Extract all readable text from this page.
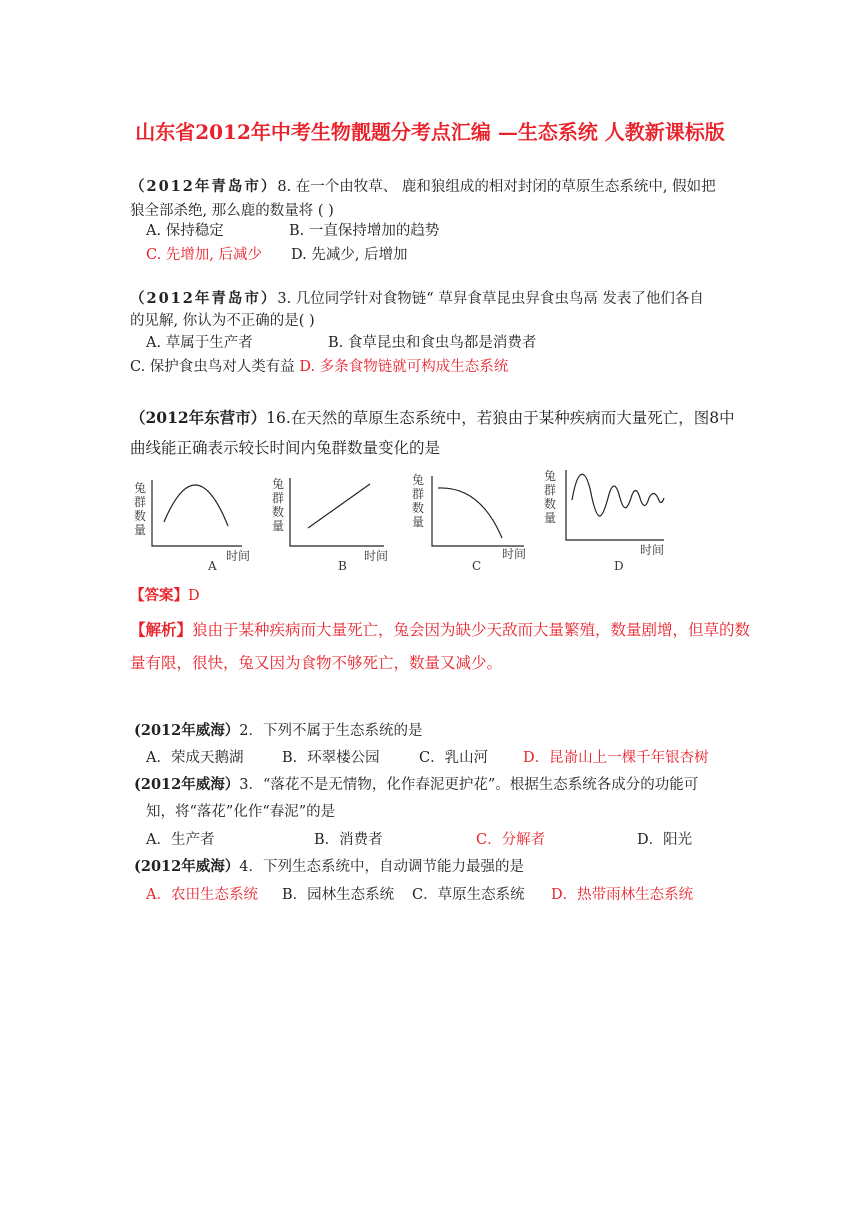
山东省2012年中考生物靓题分考点汇编 —生态系统 人教新课标版
（2012年青岛市）8. 在一个由牧草、 鹿和狼组成的相对封闭的草原生态系统中, 假如把
狼全部杀绝, 那么鹿的数量将 ( )
A. 保持稳定	B. 一直保持增加的趋势
C. 先增加, 后减少 D. 先减少, 后增加
（2012年青岛市）3. 几位同学针对食物链“ 草舁食草昆虫舁食虫鸟鬲 发表了他们各自
的见解, 你认为不正确的是( )
A. 草属于生产者	B. 食草昆虫和食虫鸟都是消费者
C. 保护食虫鸟对人类有益 D. 多条食物链就可构成生态系统
（2012年东营市）16.在天然的草原生态系统中，若狼由于某种疾病而大量死亡，图8中
曲线能正确表示较长时间内兔群数量变化的是
兔
群
数
量
时间
A
兔
群
数
量
时间
B
兔
群
数
量
时间
C
兔
群
数
量
时间
D
【答案】D
【解析】狼由于某种疾病而大量死亡，兔会因为缺少天敌而大量繁殖，数量剧增，但草的数
量有限，很快，兔又因为食物不够死亡，数量又减少。
(2012年威海）2．下列不属于生态系统的是
A．荣成天鹅湖	B．环翠楼公园	C．乳山河 D．昆嵛山上一棵千年银杏树
(2012年威海）3．“落花不是无情物，化作春泥更护花”。根据生态系统各成分的功能可
知，将“落花”化作“春泥”的是
A．生产者	B．消费者	C．分解者	D．阳光
(2012年威海）4．下列生态系统中，自动调节能力最强的是
A．农田生态系统 B．园林生态系统 C．草原生态系统 D．热带雨林生态系统
